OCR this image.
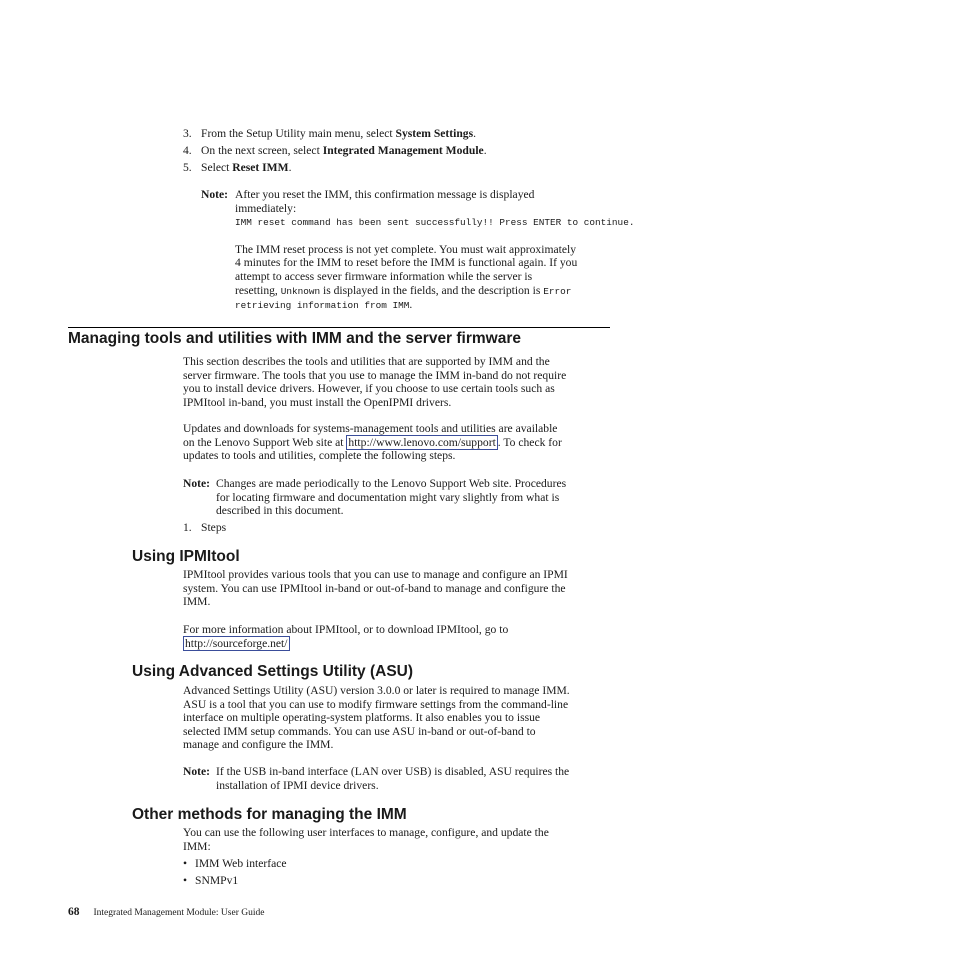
3. From the Setup Utility main menu, select System Settings.
4. On the next screen, select Integrated Management Module.
5. Select Reset IMM.
Note: After you reset the IMM, this confirmation message is displayed
immediately:
IMM reset command has been sent successfully!! Press ENTER to continue.
The IMM reset process is not yet complete. You must wait approximately
4 minutes for the IMM to reset before the IMM is functional again. If you
attempt to access sever firmware information while the server is
resetting, Unknown is displayed in the fields, and the description is Error
retrieving information from IMM.
Managing tools and utilities with IMM and the server firmware
This section describes the tools and utilities that are supported by IMM and the
server firmware. The tools that you use to manage the IMM in-band do not require
you to install device drivers. However, if you choose to use certain tools such as
IPMItool in-band, you must install the OpenIPMI drivers.
Updates and downloads for systems-management tools and utilities are available
on the Lenovo Support Web site at http://www.lenovo.com/support . To check for
updates to tools and utilities, complete the following steps.
Note: Changes are made periodically to the Lenovo Support Web site. Procedures
for locating firmware and documentation might vary slightly from what is
described in this document.
1. Steps
Using IPMItool
IPMItool provides various tools that you can use to manage and configure an IPMI
system. You can use IPMItool in-band or out-of-band to manage and configure the
IMM.
For more information about IPMItool, or to download IPMItool, go to
http://sourceforge.net/
Using Advanced Settings Utility (ASU)
Advanced Settings Utility (ASU) version 3.0.0 or later is required to manage IMM.
ASU is a tool that you can use to modify firmware settings from the command-line
interface on multiple operating-system platforms. It also enables you to issue
selected IMM setup commands. You can use ASU in-band or out-of-band to
manage and configure the IMM.
Note: If the USB in-band interface (LAN over USB) is disabled, ASU requires the
installation of IPMI device drivers.
Other methods for managing the IMM
You can use the following user interfaces to manage, configure, and update the
IMM:
• IMM Web interface
• SNMPv1
68 Integrated Management Module: User Guide
